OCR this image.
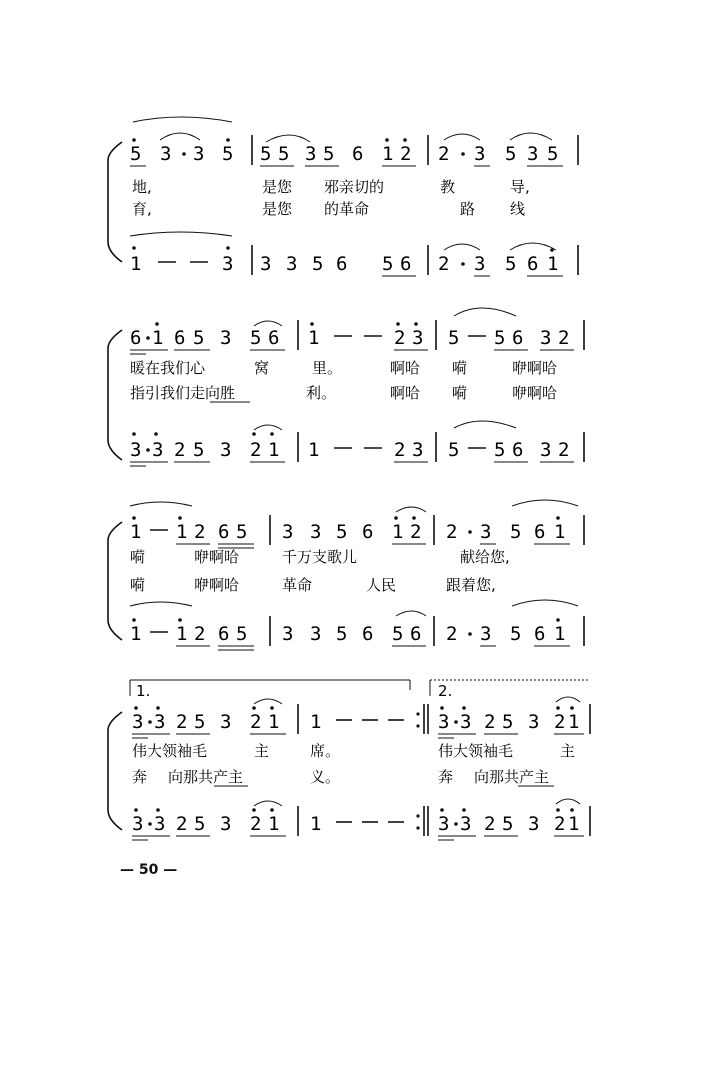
5 3 3 5 5 5 3 5 6 1 2 2 3 5 3 5
地,	是您 邪亲切的	教	导,
育,	是您 的革命	路 线
1	3 3 3 5 6 5 6 2 3 5 6 1
6 1 6 5 3 5 6 1	2 3 5 5 6 3 2
暖在我们心	窝	里。	啊哈 嗬	咿啊哈
指引我们走向胜	利。	啊哈 嗬	咿啊哈
3 3 2 5 3 2 1 1	2 3 5 5 6 3 2
1 1 2 6 5 3 3 5 6 1 2 2 3 5 6 1
嗬	咿啊哈	千万支歌儿	献给您,
嗬	咿啊哈	革命	人民	跟着您,
1 1 2 6 5 3 3 5 6 5 6 2 3 5 6 1
1.	2.
3 3 2 5 3 2 1 1	3 3 2 5 3 2 1
伟大领袖毛	主	席。	伟大领袖毛	主
奔 向那共产主	义。	奔 向那共产主
3 3 2 5 3 2 1 1	3 3 2 5 3 2 1
— 50 —
